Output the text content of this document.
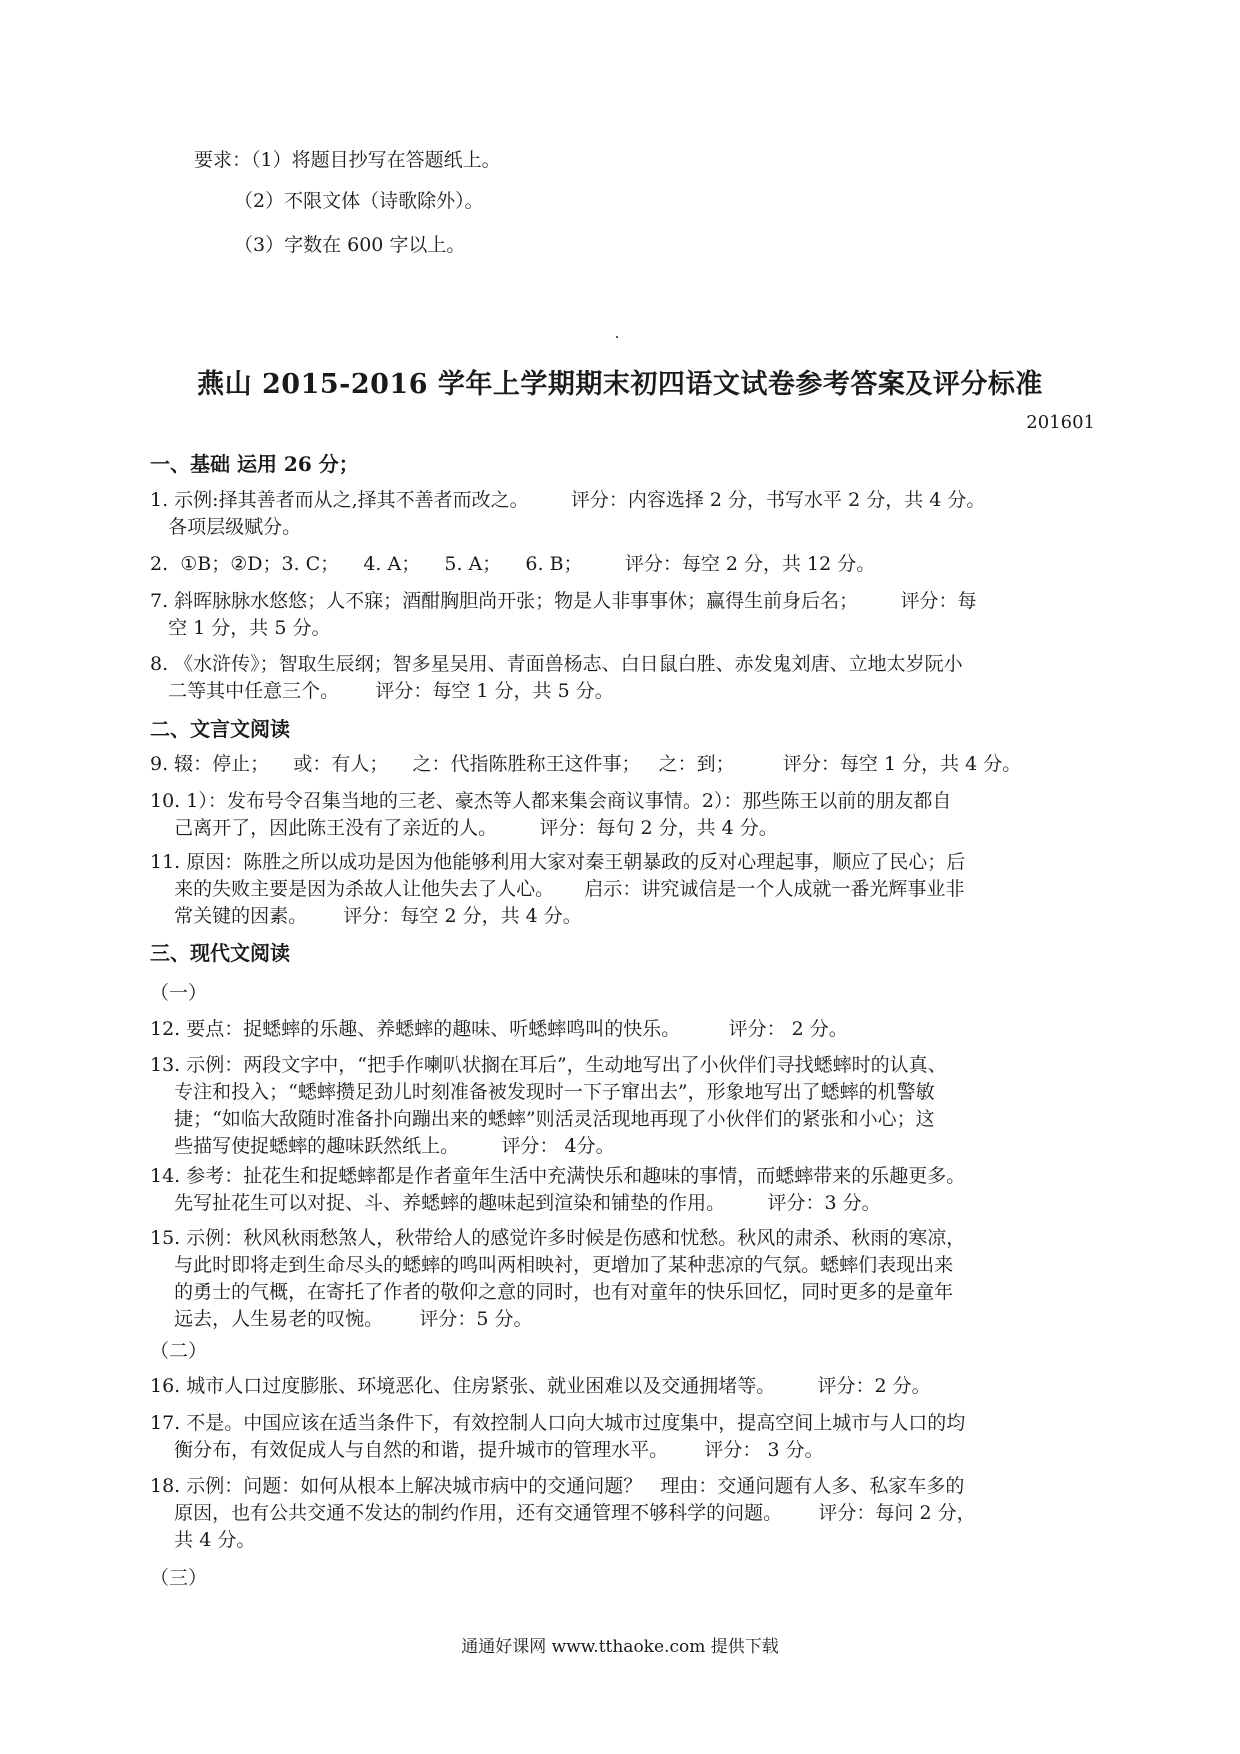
要求：（1）将题目抄写在答题纸上。
（2）不限文体（诗歌除外）。
（3）字数在 600 字以上。
燕山 2015-2016 学年上学期期末初四语文试卷参考答案及评分标准
201601
一、基础 运用 26 分；
1. 示例:择其善者而从之,择其不善者而改之。       评分：内容选择 2 分，书写水平 2 分，共 4 分。
各项层级赋分。
2.  ①B；②D；3. C；    4. A；    5. A；    6. B；       评分：每空 2 分，共 12 分。
7. 斜晖脉脉水悠悠；人不寐；酒酣胸胆尚开张；物是人非事事休；赢得生前身后名；       评分：每
空 1 分，共 5 分。
8. 《水浒传》；智取生辰纲；智多星吴用、青面兽杨志、白日鼠白胜、赤发鬼刘唐、立地太岁阮小
二等其中任意三个。      评分：每空 1 分，共 5 分。
二、文言文阅读
9. 辍：停止；    或：有人；    之：代指陈胜称王这件事；   之：到；        评分：每空 1 分，共 4 分。
10. 1）：发布号令召集当地的三老、豪杰等人都来集会商议事情。2）：那些陈王以前的朋友都自
己离开了，因此陈王没有了亲近的人。       评分：每句 2 分，共 4 分。
11. 原因：陈胜之所以成功是因为他能够利用大家对秦王朝暴政的反对心理起事，顺应了民心；后
来的失败主要是因为杀故人让他失去了人心。     启示：讲究诚信是一个人成就一番光辉事业非
常关键的因素。      评分：每空 2 分，共 4 分。
三、现代文阅读
（一）
12. 要点：捉蟋蟀的乐趣、养蟋蟀的趣味、听蟋蟀鸣叫的快乐。        评分： 2 分。
13. 示例：两段文字中，“把手作喇叭状搁在耳后”，生动地写出了小伙伴们寻找蟋蟀时的认真、
专注和投入；“蟋蟀攒足劲儿时刻准备被发现时一下子窜出去”，形象地写出了蟋蟀的机警敏
捷；“如临大敌随时准备扑向蹦出来的蟋蟀”则活灵活现地再现了小伙伴们的紧张和小心；这
些描写使捉蟋蟀的趣味跃然纸上。       评分： 4分。
14. 参考：扯花生和捉蟋蟀都是作者童年生活中充满快乐和趣味的事情，而蟋蟀带来的乐趣更多。
先写扯花生可以对捉、斗、养蟋蟀的趣味起到渲染和铺垫的作用。       评分：3 分。
15. 示例：秋风秋雨愁煞人，秋带给人的感觉许多时候是伤感和忧愁。秋风的肃杀、秋雨的寒凉，
与此时即将走到生命尽头的蟋蟀的鸣叫两相映衬，更增加了某种悲凉的气氛。蟋蟀们表现出来
的勇士的气概，在寄托了作者的敬仰之意的同时，也有对童年的快乐回忆，同时更多的是童年
远去，人生易老的叹惋。      评分：5 分。
（二）
16. 城市人口过度膨胀、环境恶化、住房紧张、就业困难以及交通拥堵等。       评分：2 分。
17. 不是。中国应该在适当条件下，有效控制人口向大城市过度集中，提高空间上城市与人口的均
衡分布，有效促成人与自然的和谐，提升城市的管理水平。      评分： 3 分。
18. 示例：问题：如何从根本上解决城市病中的交通问题？   理由：交通问题有人多、私家车多的
原因，也有公共交通不发达的制约作用，还有交通管理不够科学的问题。      评分：每问 2 分，
共 4 分。
（三）
通通好课网 www.tthaoke.com 提供下载
